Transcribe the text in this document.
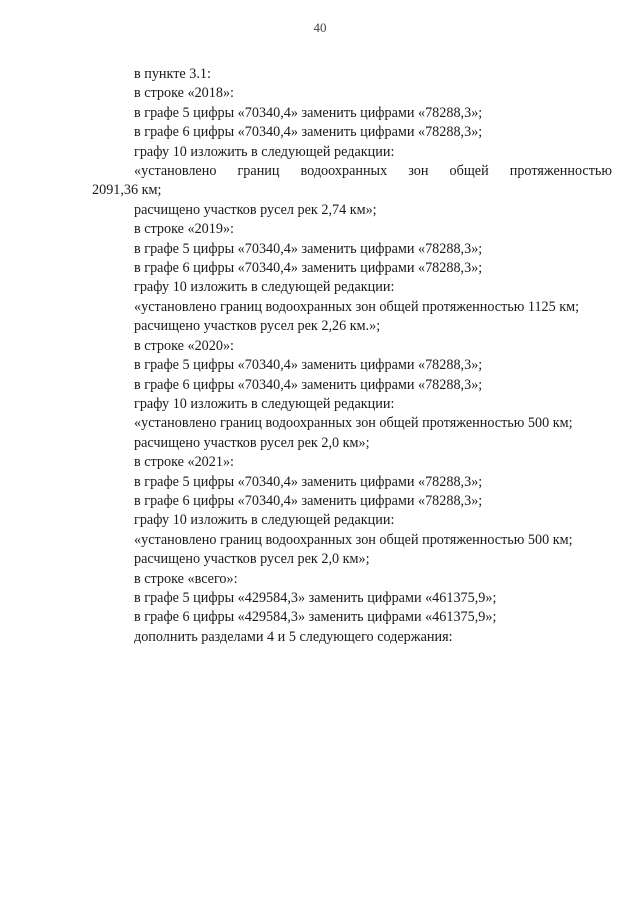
40
в пункте 3.1:
в строке «2018»:
в графе 5 цифры «70340,4» заменить цифрами «78288,3»;
в графе 6 цифры «70340,4» заменить цифрами «78288,3»;
графу 10 изложить в следующей редакции:
«установлено границ водоохранных зон общей протяженностью
2091,36 км;
расчищено участков русел рек 2,74 км»;
в строке «2019»:
в графе 5 цифры «70340,4» заменить цифрами «78288,3»;
в графе 6 цифры «70340,4» заменить цифрами «78288,3»;
графу 10 изложить в следующей редакции:
«установлено границ водоохранных зон общей протяженностью 1125 км;
расчищено участков русел рек 2,26 км.»;
в строке «2020»:
в графе 5 цифры «70340,4» заменить цифрами «78288,3»;
в графе 6 цифры «70340,4» заменить цифрами «78288,3»;
графу 10 изложить в следующей редакции:
«установлено границ водоохранных зон общей протяженностью 500 км;
расчищено участков русел рек 2,0 км»;
в строке «2021»:
в графе 5 цифры «70340,4» заменить цифрами «78288,3»;
в графе 6 цифры «70340,4» заменить цифрами «78288,3»;
графу 10 изложить в следующей редакции:
«установлено границ водоохранных зон общей протяженностью 500 км;
расчищено участков русел рек 2,0 км»;
в строке «всего»:
в графе 5 цифры «429584,3» заменить цифрами «461375,9»;
в графе 6 цифры «429584,3» заменить цифрами «461375,9»;
дополнить разделами 4 и 5 следующего содержания:
